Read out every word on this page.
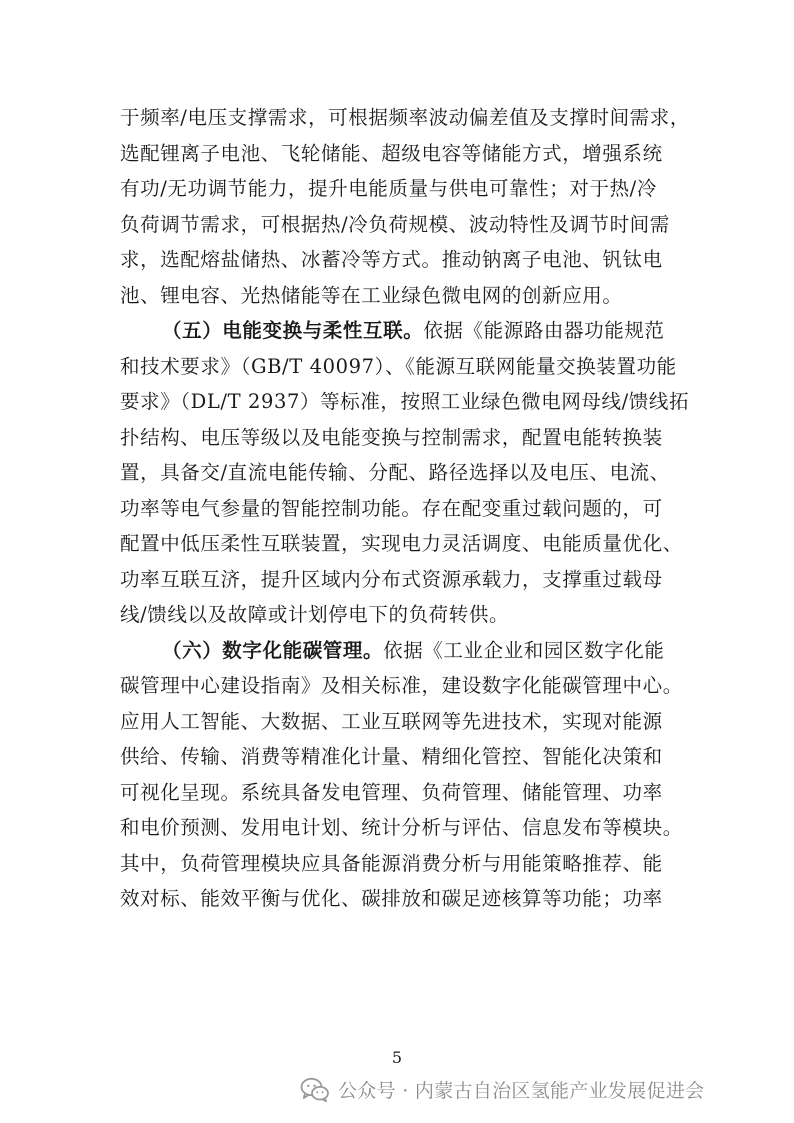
于频率/电压支撑需求，可根据频率波动偏差值及支撑时间需求，
选配锂离子电池、飞轮储能、超级电容等储能方式，增强系统
有功/无功调节能力，提升电能质量与供电可靠性；对于热/冷
负荷调节需求，可根据热/冷负荷规模、波动特性及调节时间需
求，选配熔盐储热、冰蓄冷等方式。推动钠离子电池、钒钛电
池、锂电容、光热储能等在工业绿色微电网的创新应用。
（五）电能变换与柔性互联。依据《能源路由器功能规范
和技术要求》（GB/T 40097）、《能源互联网能量交换装置功能
要求》（DL/T 2937）等标准，按照工业绿色微电网母线/馈线拓
扑结构、电压等级以及电能变换与控制需求，配置电能转换装
置，具备交/直流电能传输、分配、路径选择以及电压、电流、
功率等电气参量的智能控制功能。存在配变重过载问题的，可
配置中低压柔性互联装置，实现电力灵活调度、电能质量优化、
功率互联互济，提升区域内分布式资源承载力，支撑重过载母
线/馈线以及故障或计划停电下的负荷转供。
（六）数字化能碳管理。依据《工业企业和园区数字化能
碳管理中心建设指南》及相关标准，建设数字化能碳管理中心。
应用人工智能、大数据、工业互联网等先进技术，实现对能源
供给、传输、消费等精准化计量、精细化管控、智能化决策和
可视化呈现。系统具备发电管理、负荷管理、储能管理、功率
和电价预测、发用电计划、统计分析与评估、信息发布等模块。
其中，负荷管理模块应具备能源消费分析与用能策略推荐、能
效对标、能效平衡与优化、碳排放和碳足迹核算等功能；功率
5
公众号 · 内蒙古自治区氢能产业发展促进会
